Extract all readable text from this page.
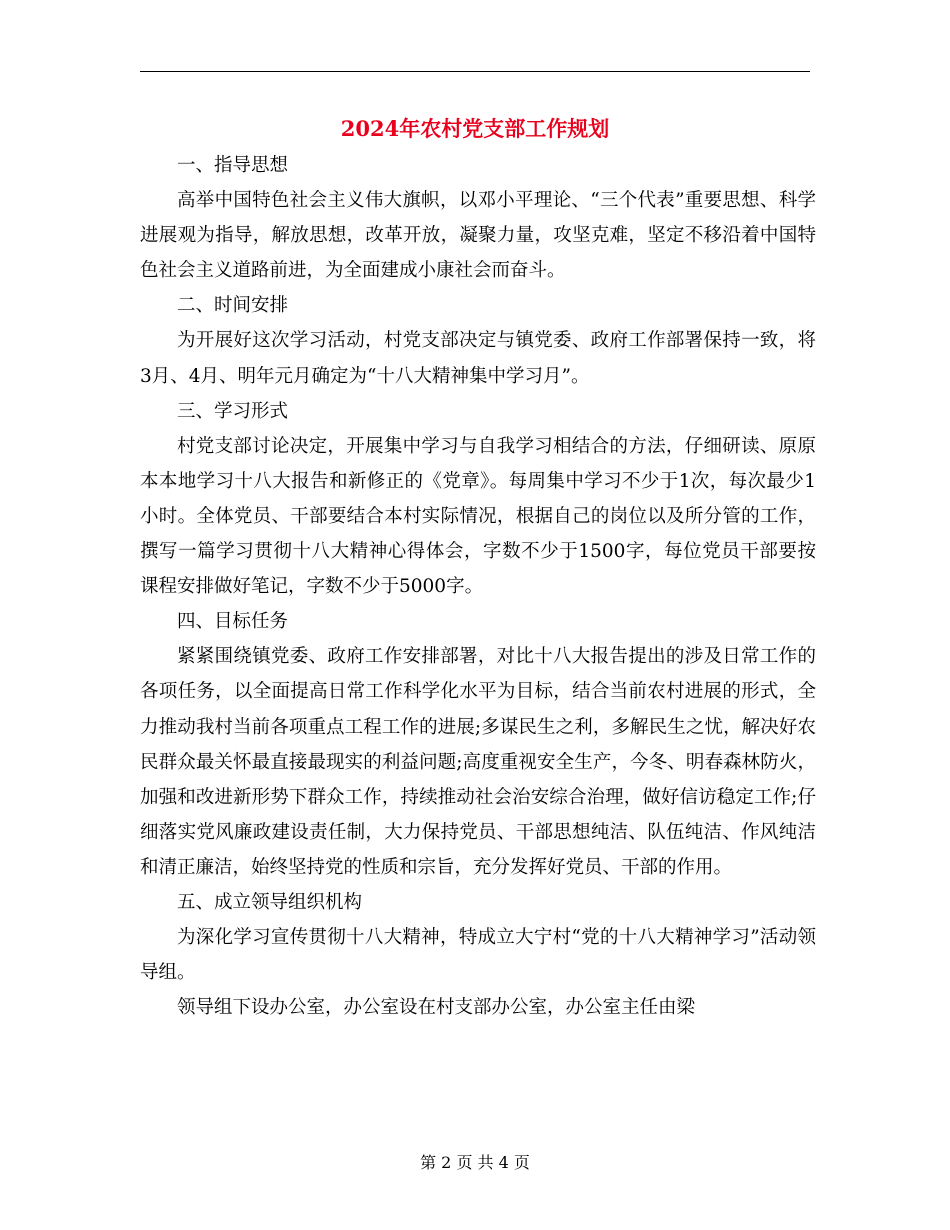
2024年农村党支部工作规划

一、指导思想

高举中国特色社会主义伟大旗帜，以邓小平理论、“三个代表”重要思想、科学进展观为指导，解放思想，改革开放，凝聚力量，攻坚克难，坚定不移沿着中国特色社会主义道路前进，为全面建成小康社会而奋斗。

二、时间安排

为开展好这次学习活动，村党支部决定与镇党委、政府工作部署保持一致，将3月、4月、明年元月确定为“十八大精神集中学习月”。

三、学习形式

村党支部讨论决定，开展集中学习与自我学习相结合的方法，仔细研读、原原本本地学习十八大报告和新修正的《党章》。每周集中学习不少于1次，每次最少1小时。全体党员、干部要结合本村实际情况，根据自己的岗位以及所分管的工作，撰写一篇学习贯彻十八大精神心得体会，字数不少于1500字，每位党员干部要按课程安排做好笔记，字数不少于5000字。

四、目标任务

紧紧围绕镇党委、政府工作安排部署，对比十八大报告提出的涉及日常工作的各项任务，以全面提高日常工作科学化水平为目标，结合当前农村进展的形式，全力推动我村当前各项重点工程工作的进展;多谋民生之利，多解民生之忧，解决好农民群众最关怀最直接最现实的利益问题;高度重视安全生产，今冬、明春森林防火，加强和改进新形势下群众工作，持续推动社会治安综合治理，做好信访稳定工作;仔细落实党风廉政建设责任制，大力保持党员、干部思想纯洁、队伍纯洁、作风纯洁和清正廉洁，始终坚持党的性质和宗旨，充分发挥好党员、干部的作用。

五、成立领导组织机构

为深化学习宣传贯彻十八大精神，特成立大宁村“党的十八大精神学习”活动领导组。

领导组下设办公室，办公室设在村支部办公室，办公室主任由梁

第 2 页 共 4 页
